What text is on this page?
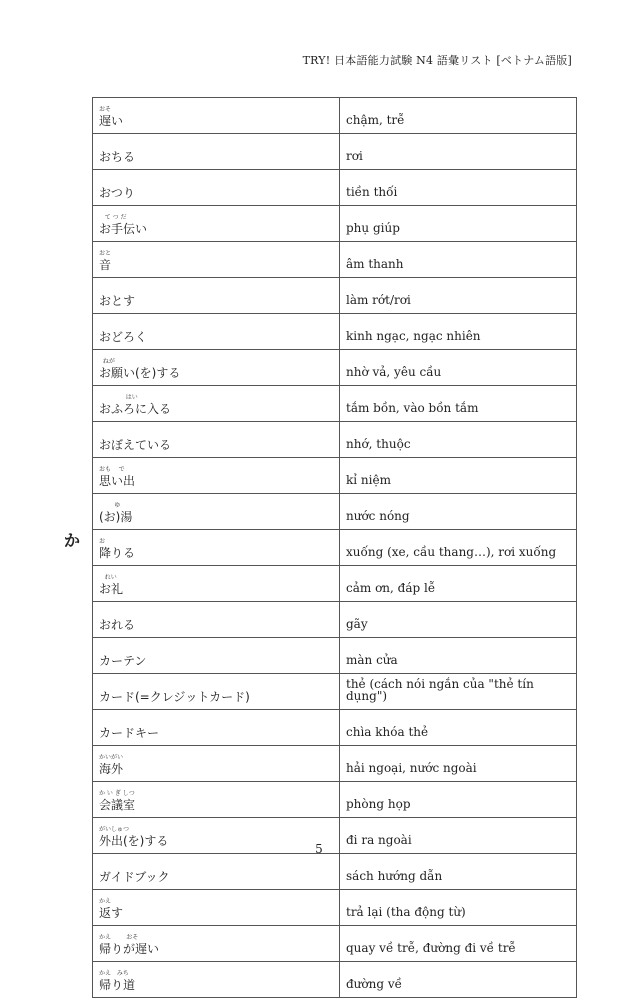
TRY! 日本語能力試験 N4 語彙リスト [ベトナム語版]
か
おそ
遅い	chậm, trễ

おちる	rơi

おつり	tiền thối

て つ だ
お手伝い	phụ giúp

おと
音	âm thanh

おとす	làm rớt/rơi

おどろく	kinh ngạc, ngạc nhiên

ねが
お願い(を)する	nhờ vả, yêu cầu

はい
おふろに入る	tắm bồn, vào bồn tắm

おぼえている	nhớ, thuộc

おも    で
思い出	kỉ niệm

ゆ
(お)湯	nước nóng

お
降りる	xuống (xe, cầu thang…), rơi xuống

れい
お礼	cảm ơn, đáp lễ

おれる	gãy

カーテン	màn cửa

カード(=クレジットカード)	thẻ (cách nói ngắn của "thẻ tín dụng")

カードキー	chìa khóa thẻ

かいがい
海外	hải ngoại, nước ngoài

か い ぎ しつ
会議室	phòng họp

がいしゅつ
外出(を)する	đi ra ngoài

ガイドブック	sách hướng dẫn

かえ
返す	trả lại (tha động từ)

かえ        おそ
帰りが遅い	quay về trễ, đường đi về trễ

かえ   みち
帰り道	đường về
5
